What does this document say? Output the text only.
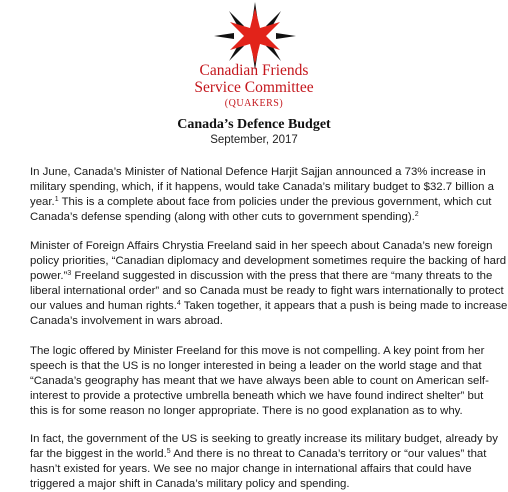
Canadian Friends
Service Committee
(QUAKERS)
Canada’s Defence Budget
September, 2017
In June, Canada’s Minister of National Defence Harjit Sajjan announced a 73% increase in
military spending, which, if it happens, would take Canada’s military budget to $32.7 billion a
year.$^1$ This is a complete about face from policies under the previous government, which cut
Canada’s defense spending (along with other cuts to government spending).$^2$
Minister of Foreign Affairs Chrystia Freeland said in her speech about Canada’s new foreign
policy priorities, “Canadian diplomacy and development sometimes require the backing of hard
power.”$^3$ Freeland suggested in discussion with the press that there are “many threats to the
liberal international order” and so Canada must be ready to fight wars internationally to protect
our values and human rights.$^4$ Taken together, it appears that a push is being made to increase
Canada’s involvement in wars abroad.
The logic offered by Minister Freeland for this move is not compelling. A key point from her
speech is that the US is no longer interested in being a leader on the world stage and that
“Canada’s geography has meant that we have always been able to count on American self-
interest to provide a protective umbrella beneath which we have found indirect shelter” but
this is for some reason no longer appropriate. There is no good explanation as to why.
In fact, the government of the US is seeking to greatly increase its military budget, already by
far the biggest in the world.$^5$ And there is no threat to Canada’s territory or “our values” that
hasn’t existed for years. We see no major change in international affairs that could have
triggered a major shift in Canada’s military policy and spending.
